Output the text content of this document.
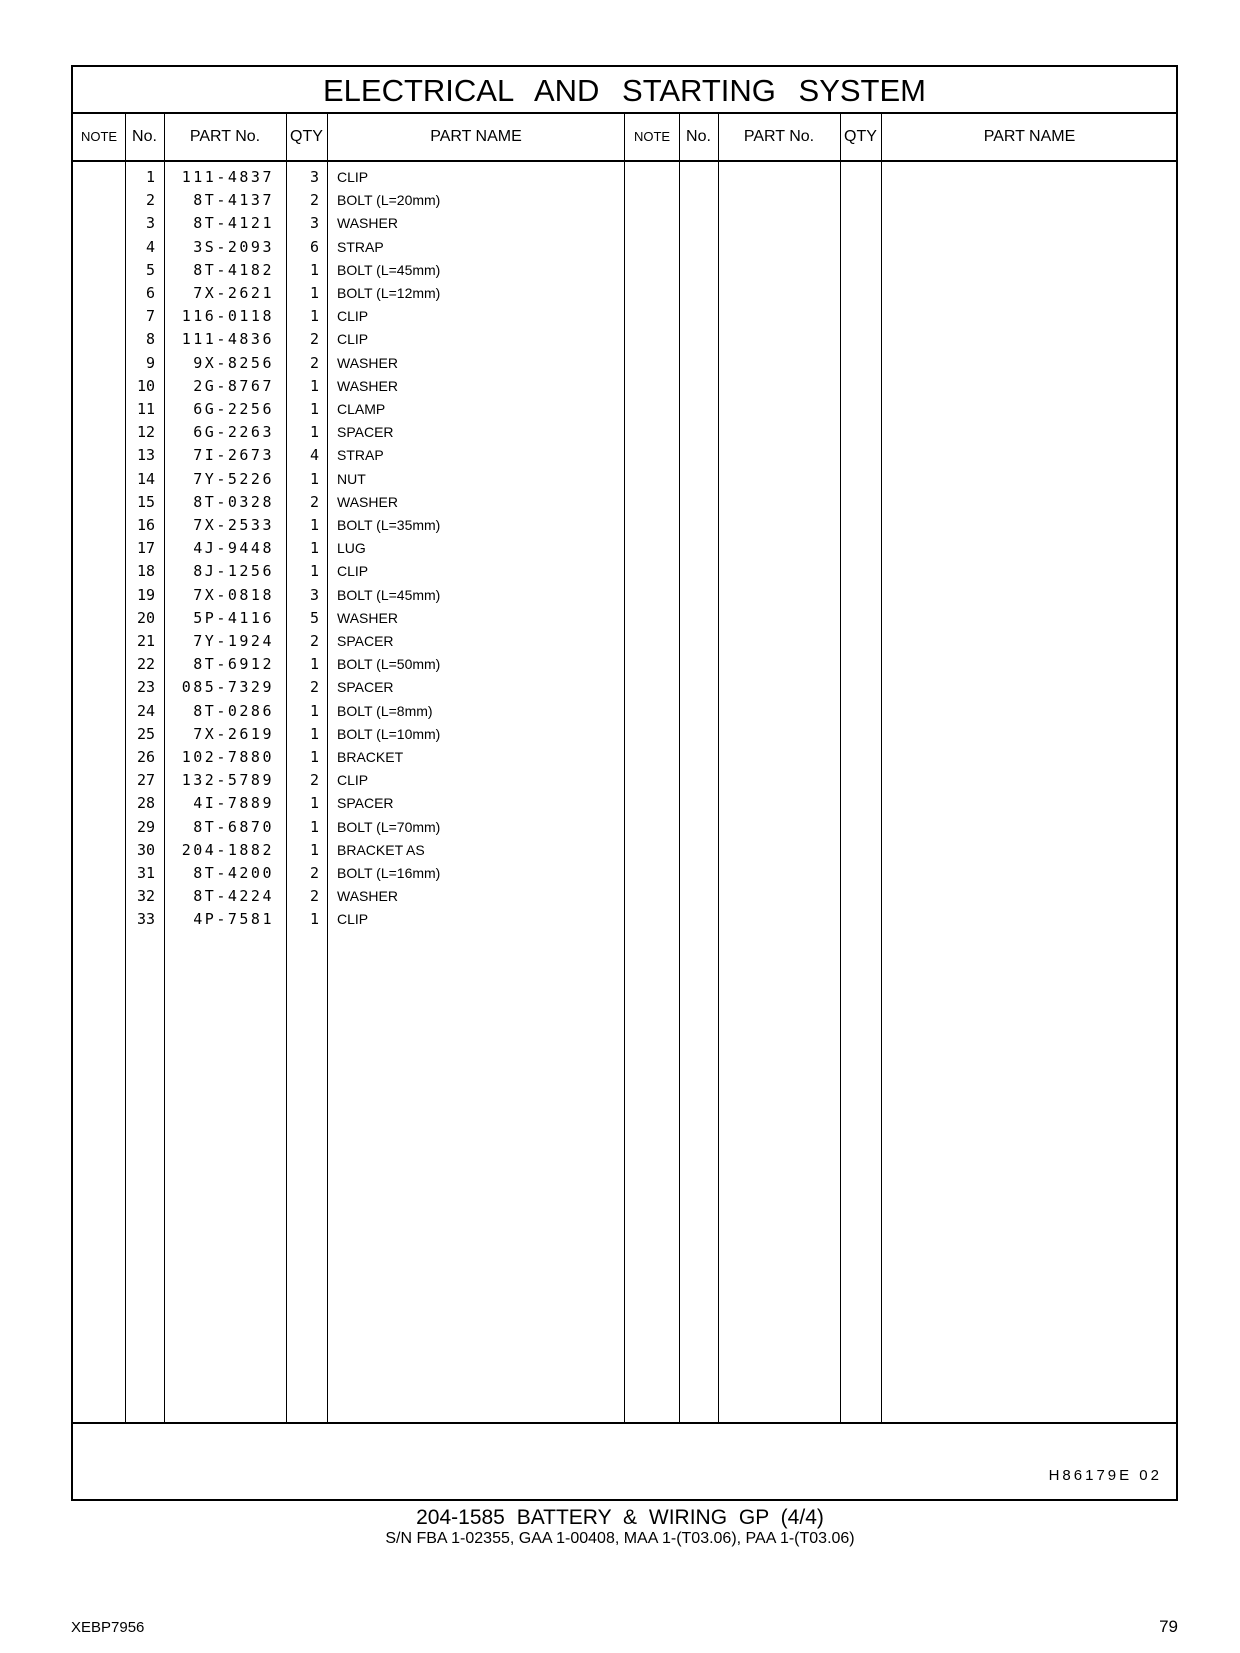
ELECTRICAL AND STARTING SYSTEM
NOTE No.	PART No.	QTY	PART NAME	NOTE No.	PART No.	QTY	PART NAME
1	111-4837	3 CLIP
2	8T-4137	2 BOLT (L=20mm)
3	8T-4121	3 WASHER
4	3S-2093	6 STRAP
5	8T-4182	1 BOLT (L=45mm)
6	7X-2621	1 BOLT (L=12mm)
7	116-0118	1 CLIP
8	111-4836	2 CLIP
9	9X-8256	2 WASHER
10	2G-8767	1 WASHER
11	6G-2256	1 CLAMP
12	6G-2263	1 SPACER
13	7I-2673	4 STRAP
14	7Y-5226	1 NUT
15	8T-0328	2 WASHER
16	7X-2533	1 BOLT (L=35mm)
17	4J-9448	1 LUG
18	8J-1256	1 CLIP
19	7X-0818	3 BOLT (L=45mm)
20	5P-4116	5 WASHER
21	7Y-1924	2 SPACER
22	8T-6912	1 BOLT (L=50mm)
23	085-7329	2 SPACER
24	8T-0286	1 BOLT (L=8mm)
25	7X-2619	1 BOLT (L=10mm)
26	102-7880	1 BRACKET
27	132-5789	2 CLIP
28	4I-7889	1 SPACER
29	8T-6870	1 BOLT (L=70mm)
30	204-1882	1 BRACKET AS
31	8T-4200	2 BOLT (L=16mm)
32	8T-4224	2 WASHER
33	4P-7581	1 CLIP
H86179E 02
204-1585 BATTERY & WIRING GP (4/4)
S/N FBA 1-02355, GAA 1-00408, MAA 1-(T03.06), PAA 1-(T03.06)
XEBP7956	79
